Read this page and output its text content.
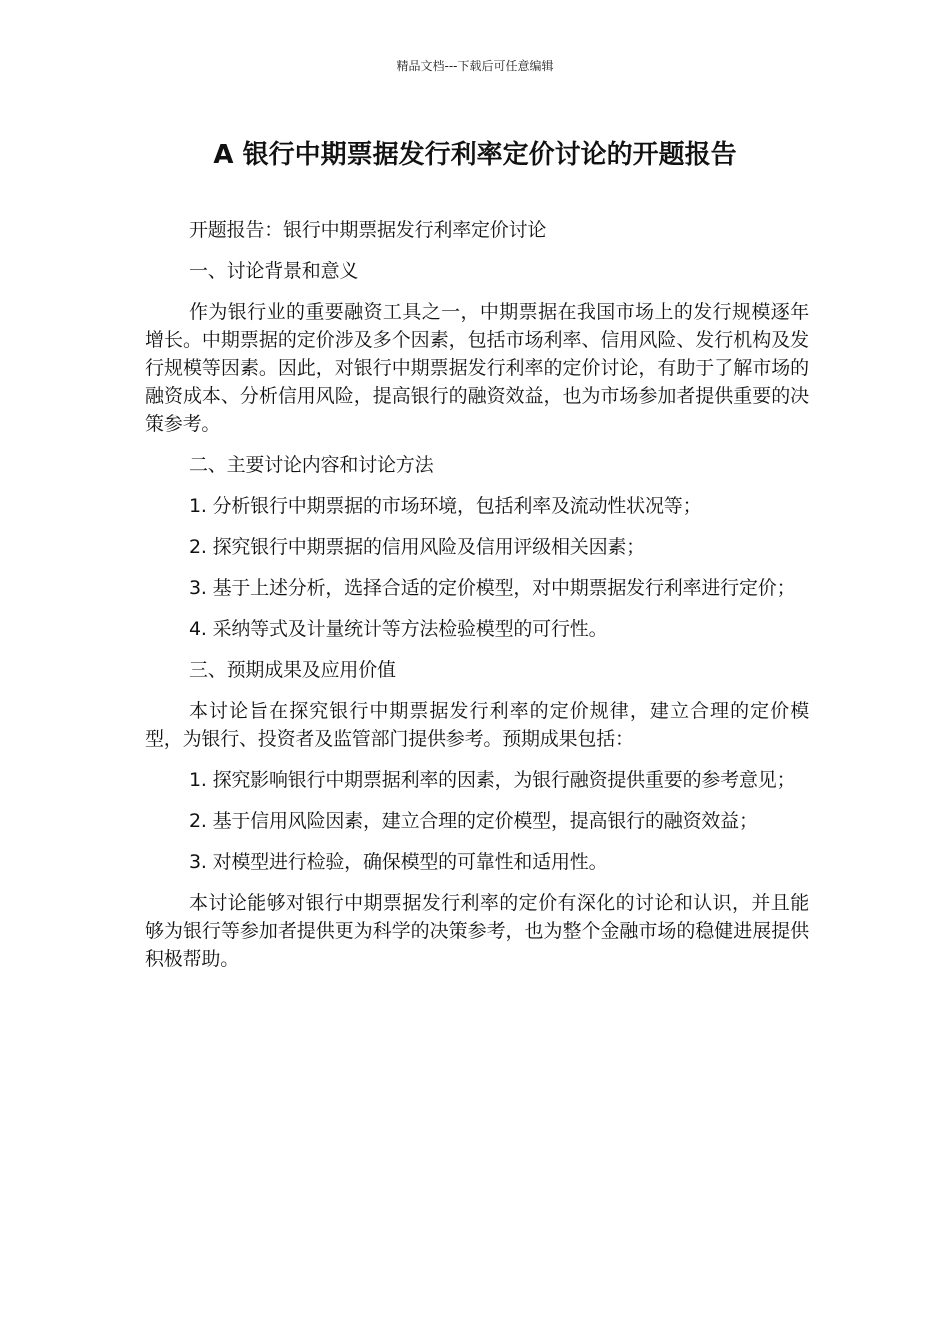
精品文档---下载后可任意编辑
A 银行中期票据发行利率定价讨论的开题报告

开题报告：银行中期票据发行利率定价讨论

一、讨论背景和意义

作为银行业的重要融资工具之一，中期票据在我国市场上的发行规模逐年增长。中期票据的定价涉及多个因素，包括市场利率、信用风险、发行机构及发行规模等因素。因此，对银行中期票据发行利率的定价讨论，有助于了解市场的融资成本、分析信用风险，提高银行的融资效益，也为市场参加者提供重要的决策参考。

二、主要讨论内容和讨论方法

1. 分析银行中期票据的市场环境，包括利率及流动性状况等；

2. 探究银行中期票据的信用风险及信用评级相关因素；

3. 基于上述分析，选择合适的定价模型，对中期票据发行利率进行定价；

4. 采纳等式及计量统计等方法检验模型的可行性。

三、预期成果及应用价值

本讨论旨在探究银行中期票据发行利率的定价规律，建立合理的定价模型，为银行、投资者及监管部门提供参考。预期成果包括：

1. 探究影响银行中期票据利率的因素，为银行融资提供重要的参考意见；

2. 基于信用风险因素，建立合理的定价模型，提高银行的融资效益；

3. 对模型进行检验，确保模型的可靠性和适用性。

本讨论能够对银行中期票据发行利率的定价有深化的讨论和认识，并且能够为银行等参加者提供更为科学的决策参考，也为整个金融市场的稳健进展提供积极帮助。
